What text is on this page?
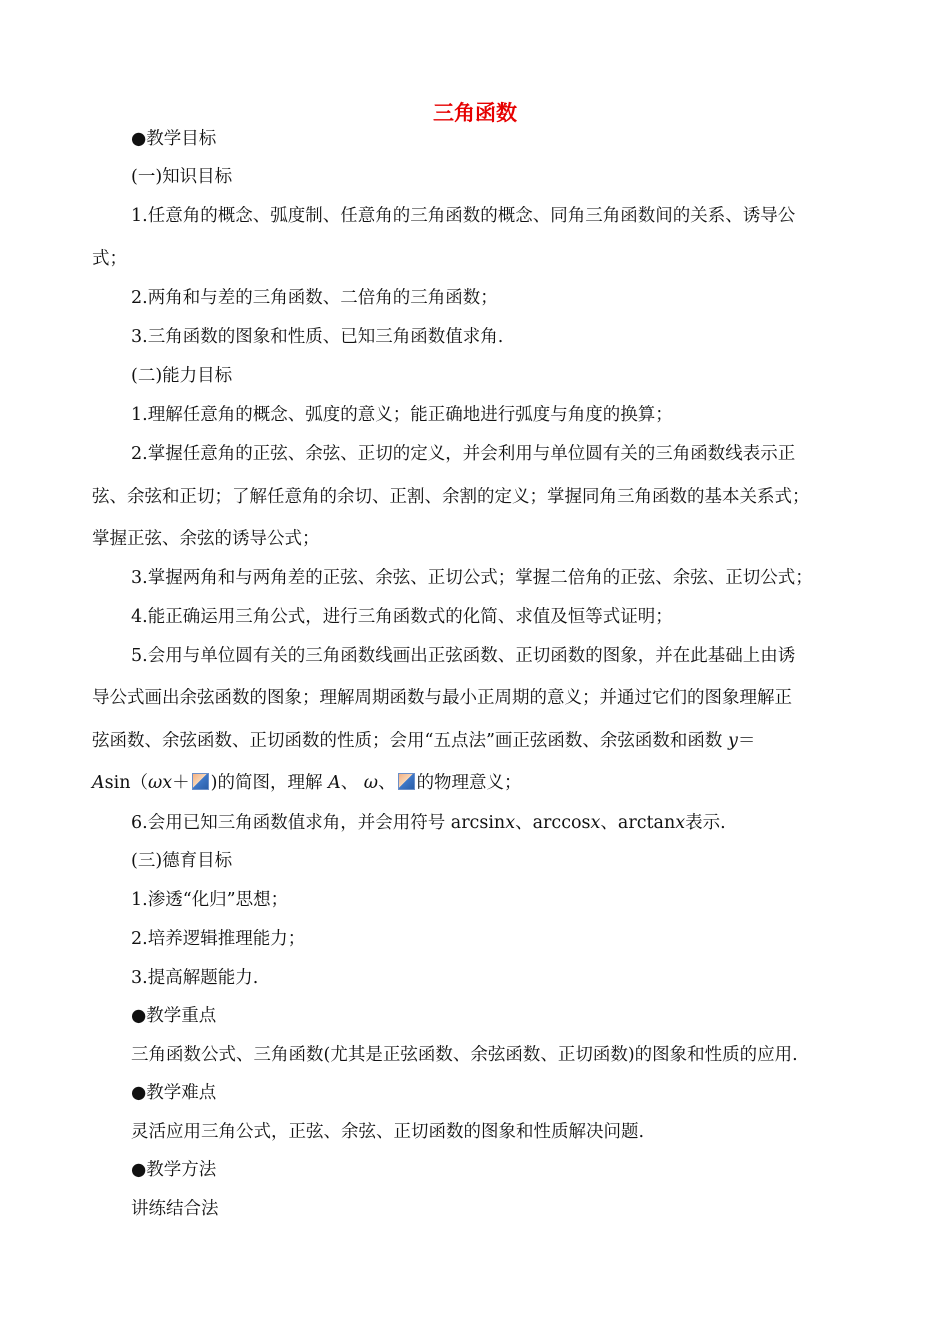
三角函数
●教学目标
(一)知识目标
1.任意角的概念、弧度制、任意角的三角函数的概念、同角三角函数间的关系、诱导公
式；
2.两角和与差的三角函数、二倍角的三角函数；
3.三角函数的图象和性质、已知三角函数值求角.
(二)能力目标
1.理解任意角的概念、弧度的意义；能正确地进行弧度与角度的换算；
2.掌握任意角的正弦、余弦、正切的定义，并会利用与单位圆有关的三角函数线表示正
弦、余弦和正切；了解任意角的余切、正割、余割的定义；掌握同角三角函数的基本关系式；
掌握正弦、余弦的诱导公式；
3.掌握两角和与两角差的正弦、余弦、正切公式；掌握二倍角的正弦、余弦、正切公式；
4.能正确运用三角公式，进行三角函数式的化简、求值及恒等式证明；
5.会用与单位圆有关的三角函数线画出正弦函数、正切函数的图象，并在此基础上由诱
导公式画出余弦函数的图象；理解周期函数与最小正周期的意义；并通过它们的图象理解正
弦函数、余弦函数、正切函数的性质；会用“五点法”画正弦函数、余弦函数和函数 y＝
Asin（ωx＋ )的简图，理解 A、 ω、 的物理意义；
6.会用已知三角函数值求角，并会用符号 arcsinx、arccosx、arctanx表示.
(三)德育目标
1.渗透“化归”思想；
2.培养逻辑推理能力；
3.提高解题能力.
●教学重点
三角函数公式、三角函数(尤其是正弦函数、余弦函数、正切函数)的图象和性质的应用.
●教学难点
灵活应用三角公式，正弦、余弦、正切函数的图象和性质解决问题.
●教学方法
讲练结合法
